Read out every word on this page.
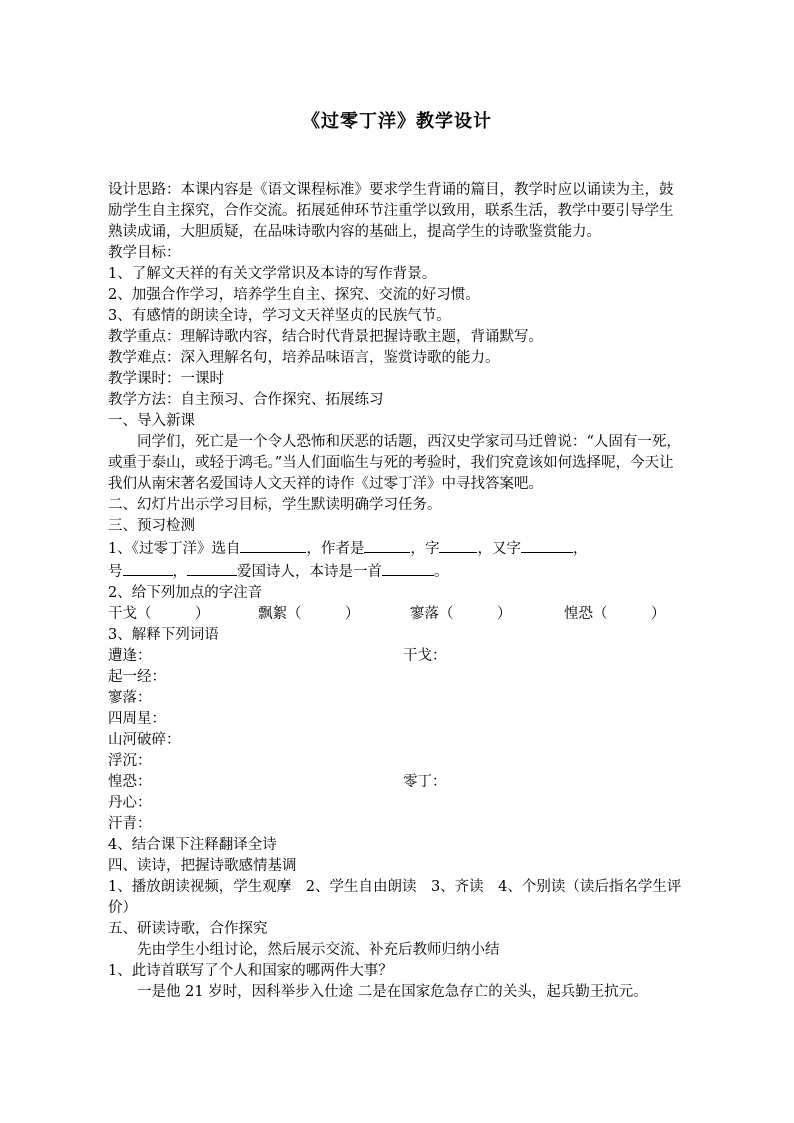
《过零丁洋》教学设计

设计思路：本课内容是《语文课程标准》要求学生背诵的篇目，教学时应以诵读为主，鼓励学生自主探究，合作交流。拓展延伸环节注重学以致用，联系生活，教学中要引导学生熟读成诵，大胆质疑，在品味诗歌内容的基础上，提高学生的诗歌鉴赏能力。

教学目标：

1、了解文天祥的有关文学常识及本诗的写作背景。

2、加强合作学习，培养学生自主、探究、交流的好习惯。

3、有感情的朗读全诗，学习文天祥坚贞的民族气节。

教学重点：理解诗歌内容，结合时代背景把握诗歌主题，背诵默写。

教学难点：深入理解名句，培养品味语言，鉴赏诗歌的能力。

教学课时：一课时

教学方法：自主预习、合作探究、拓展练习

一、导入新课

同学们，死亡是一个令人恐怖和厌恶的话题，西汉史学家司马迁曾说：“人固有一死，或重于泰山，或轻于鸿毛。”当人们面临生与死的考验时，我们究竟该如何选择呢，今天让我们从南宋著名爱国诗人文天祥的诗作《过零丁洋》中寻找答案吧。

二、幻灯片出示学习目标，学生默读明确学习任务。

三、预习检测

1、《过零丁洋》选自	，作者是	，字	，又字	，

号	，	爱国诗人，本诗是一首	。

2、给下列加点的字注音

干戈（　　　）	飘絮（　　　）	寥落（　　　）	惶恐（　　　）

3、解释下列词语

遭逢：	干戈：
起一经：
寥落：
四周星：
山河破碎：
浮沉：
惶恐：	零丁：
丹心：
汗青：

4、结合课下注释翻译全诗

四、读诗，把握诗歌感情基调

1、播放朗读视频，学生观摩　2、学生自由朗读　3、齐读　4、个别读（读后指名学生评价）

五、研读诗歌，合作探究

先由学生小组讨论，然后展示交流、补充后教师归纳小结

1、此诗首联写了个人和国家的哪两件大事？

一是他 21 岁时，因科举步入仕途 二是在国家危急存亡的关头，起兵勤王抗元。
